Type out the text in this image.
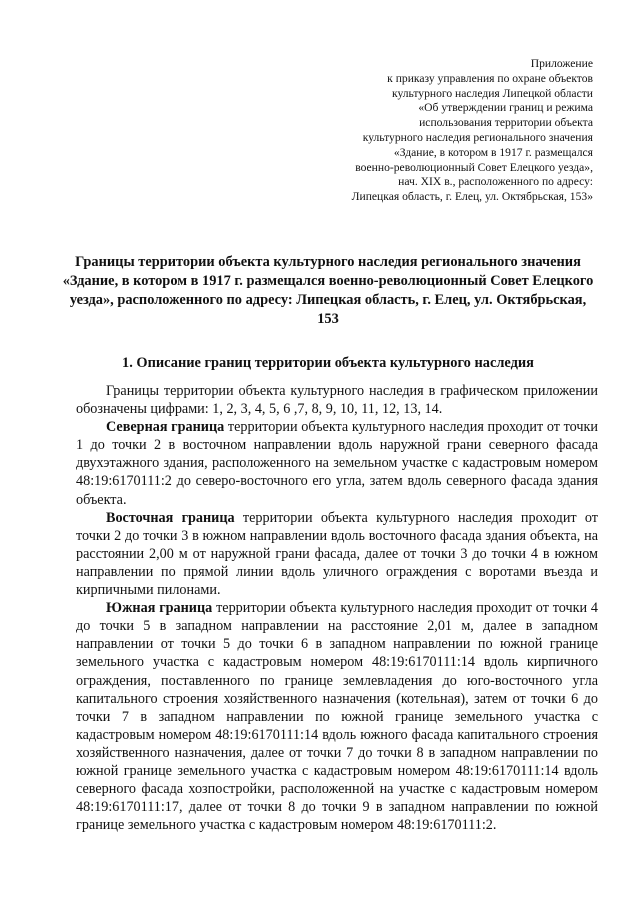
Приложение
к приказу управления по охране объектов
культурного наследия Липецкой области
«Об утверждении границ и режима
использования территории объекта
культурного наследия регионального значения
«Здание, в котором в 1917 г. размещался
военно-революционный Совет Елецкого уезда»,
нач. XIX в., расположенного по адресу:
Липецкая область, г. Елец, ул. Октябрьская, 153»
Границы территории объекта культурного наследия регионального значения «Здание, в котором в 1917 г. размещался военно-революционный Совет Елецкого уезда», расположенного по адресу: Липецкая область, г. Елец, ул. Октябрьская, 153
1. Описание границ территории объекта культурного наследия

Границы территории объекта культурного наследия в графическом приложении обозначены цифрами: 1, 2, 3, 4, 5, 6 ,7, 8, 9, 10, 11, 12, 13, 14.

Северная граница территории объекта культурного наследия проходит от точки 1 до точки 2 в восточном направлении вдоль наружной грани северного фасада двухэтажного здания, расположенного на земельном участке с кадастровым номером 48:19:6170111:2 до северо-восточного его угла, затем вдоль северного фасада здания объекта.

Восточная граница территории объекта культурного наследия проходит от точки 2 до точки 3 в южном направлении вдоль восточного фасада здания объекта, на расстоянии 2,00 м от наружной грани фасада, далее от точки 3 до точки 4 в южном направлении по прямой линии вдоль уличного ограждения с воротами въезда и кирпичными пилонами.

Южная граница территории объекта культурного наследия проходит от точки 4 до точки 5 в западном направлении на расстояние 2,01 м, далее в западном направлении от точки 5 до точки 6 в западном направлении по южной границе земельного участка с кадастровым номером 48:19:6170111:14 вдоль кирпичного ограждения, поставленного по границе землевладения до юго-восточного угла капитального строения хозяйственного назначения (котельная), затем от точки 6 до точки 7 в западном направлении по южной границе земельного участка с кадастровым номером 48:19:6170111:14 вдоль южного фасада капитального строения хозяйственного назначения, далее от точки 7 до точки 8 в западном направлении по южной границе земельного участка с кадастровым номером 48:19:6170111:14 вдоль северного фасада хозпостройки, расположенной на участке с кадастровым номером 48:19:6170111:17, далее от точки 8 до точки 9 в западном направлении по южной границе земельного участка с кадастровым номером 48:19:6170111:2.
